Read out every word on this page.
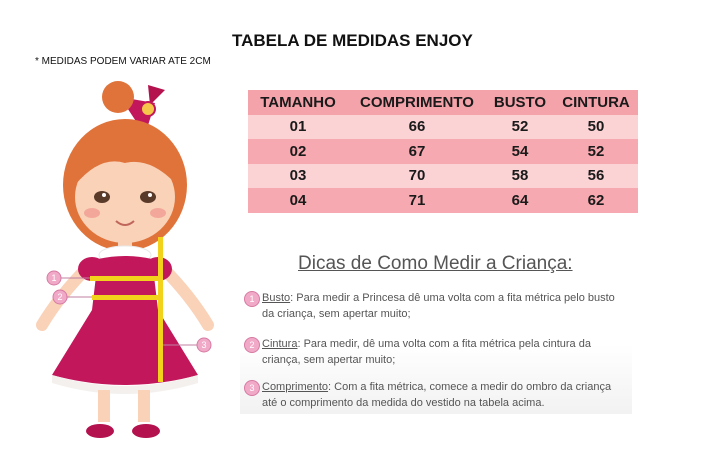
TABELA DE MEDIDAS ENJOY
* MEDIDAS PODEM VARIAR ATE 2CM
1
2
3
TAMANHO	COMPRIMENTO	BUSTO	CINTURA
01	66	52	50
02	67	54	52
03	70	58	56
04	71	64	62
Dicas de Como Medir a Criança:
1 Busto: Para medir a Princesa dê uma volta com a fita métrica pelo busto
da criança, sem apertar muito;
2 Cintura: Para medir, dê uma volta com a fita métrica pela cintura da
criança, sem apertar muito;
3 Comprimento: Com a fita métrica, comece a medir do ombro da criança
até o comprimento da medida do vestido na tabela acima.
